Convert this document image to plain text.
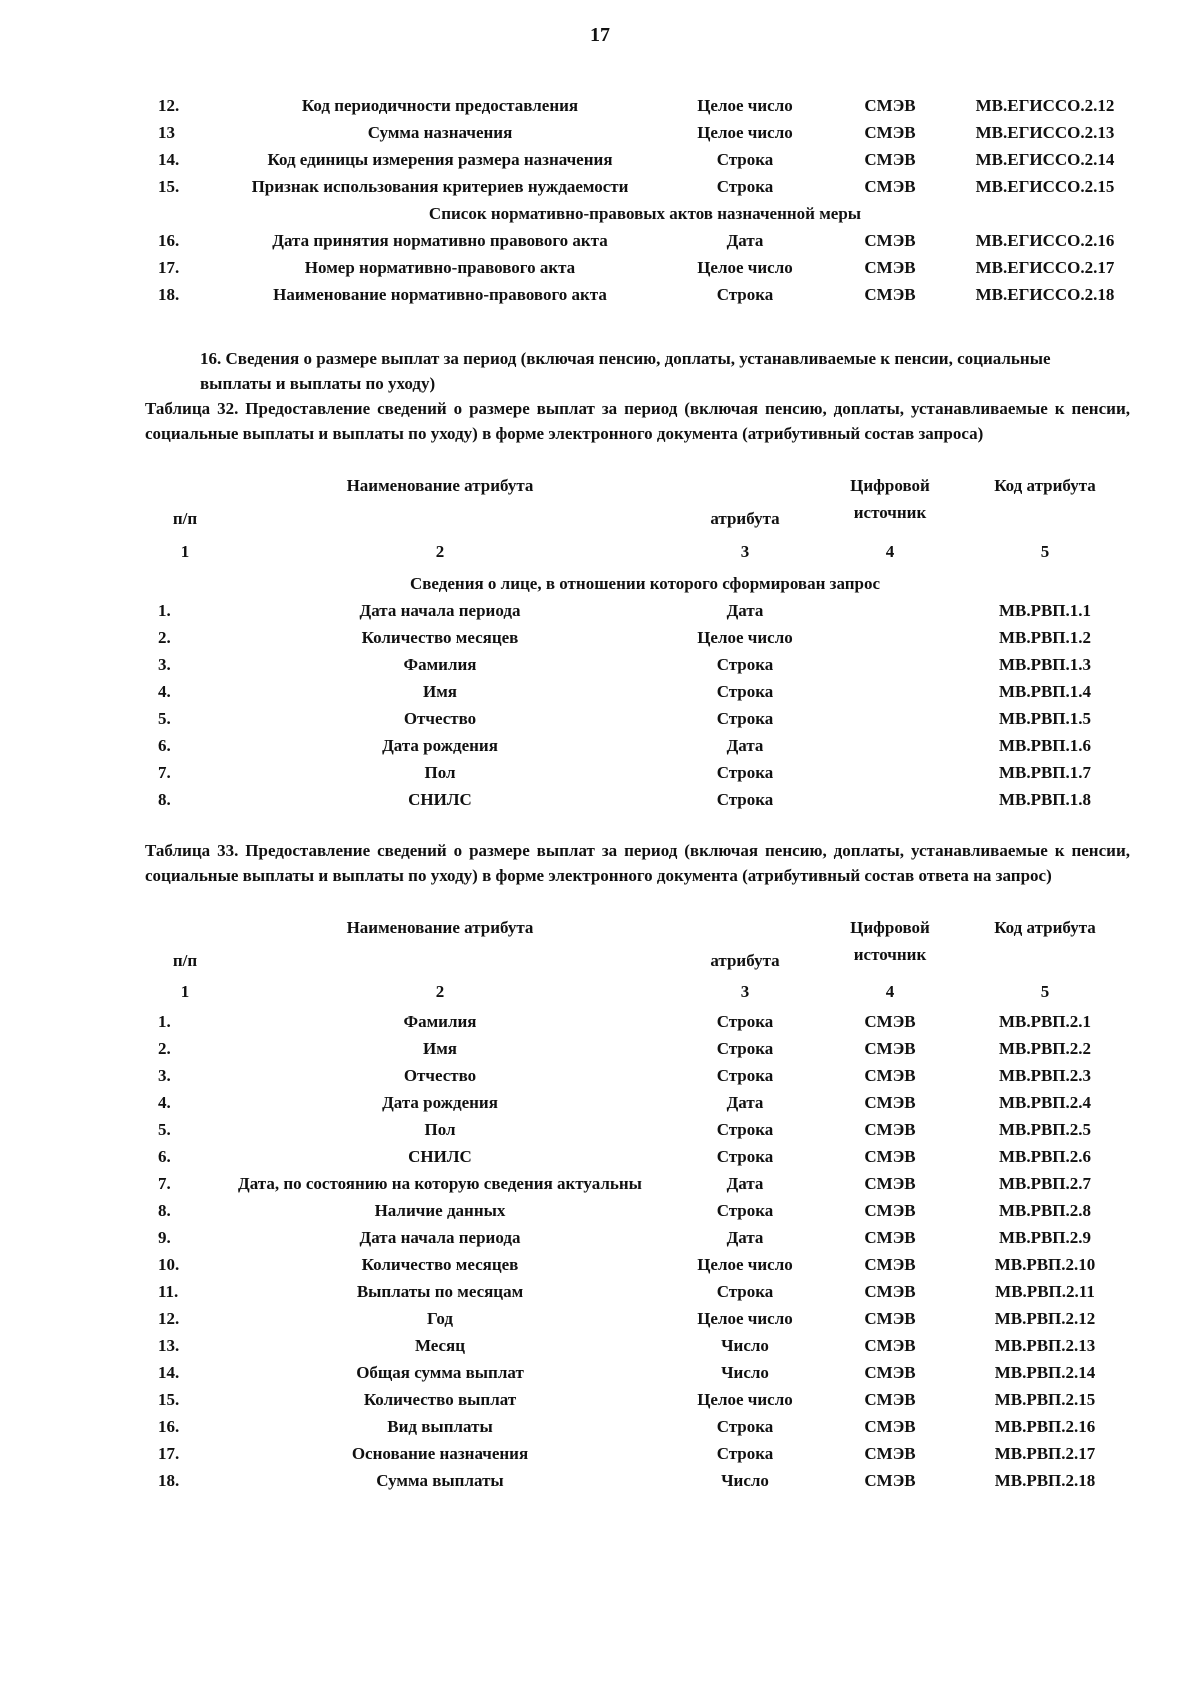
17
12.	Код периодичности предоставления	Целое число	СМЭВ	МВ.ЕГИССО.2.12
13	Сумма назначения	Целое число	СМЭВ	МВ.ЕГИССО.2.13
14.	Код единицы измерения размера назначения	Строка	СМЭВ	МВ.ЕГИССО.2.14
15.	Признак использования критериев нуждаемости	Строка	СМЭВ	МВ.ЕГИССО.2.15
Список нормативно-правовых актов назначенной меры				
16.	Дата принятия нормативно правового акта	Дата	СМЭВ	МВ.ЕГИССО.2.16
17.	Номер нормативно-правового акта	Целое число	СМЭВ	МВ.ЕГИССО.2.17
18.	Наименование нормативно-правового акта	Строка	СМЭВ	МВ.ЕГИССО.2.18
16. Сведения о размере выплат за период (включая пенсию, доплаты, устанавливаемые к пенсии, социальные выплаты и выплаты по уходу)
Таблица 32. Предоставление сведений о размере выплат за период (включая пенсию, доплаты, устанавливаемые к пенсии, социальные выплаты и выплаты по уходу) в форме электронного документа (атрибутивный состав запроса)
п/п	Наименование атрибута	атрибута	Цифровой источник	Код атрибута
1	2	3	4	5
Сведения о лице, в отношении которого сформирован запрос				
1.	Дата начала периода	Дата		МВ.РВП.1.1
2.	Количество месяцев	Целое число		МВ.РВП.1.2
3.	Фамилия	Строка		МВ.РВП.1.3
4.	Имя	Строка		МВ.РВП.1.4
5.	Отчество	Строка		МВ.РВП.1.5
6.	Дата рождения	Дата		МВ.РВП.1.6
7.	Пол	Строка		МВ.РВП.1.7
8.	СНИЛС	Строка		МВ.РВП.1.8
Таблица 33. Предоставление сведений о размере выплат за период (включая пенсию, доплаты, устанавливаемые к пенсии, социальные выплаты и выплаты по уходу) в форме электронного документа (атрибутивный состав ответа на запрос)
п/п	Наименование атрибута	атрибута	Цифровой источник	Код атрибута
1	2	3	4	5
1.	Фамилия	Строка	СМЭВ	МВ.РВП.2.1
2.	Имя	Строка	СМЭВ	МВ.РВП.2.2
3.	Отчество	Строка	СМЭВ	МВ.РВП.2.3
4.	Дата рождения	Дата	СМЭВ	МВ.РВП.2.4
5.	Пол	Строка	СМЭВ	МВ.РВП.2.5
6.	СНИЛС	Строка	СМЭВ	МВ.РВП.2.6
7.	Дата, по состоянию на которую сведения актуальны	Дата	СМЭВ	МВ.РВП.2.7
8.	Наличие данных	Строка	СМЭВ	МВ.РВП.2.8
9.	Дата начала периода	Дата	СМЭВ	МВ.РВП.2.9
10.	Количество месяцев	Целое число	СМЭВ	МВ.РВП.2.10
11.	Выплаты по месяцам	Строка	СМЭВ	МВ.РВП.2.11
12.	Год	Целое число	СМЭВ	МВ.РВП.2.12
13.	Месяц	Число	СМЭВ	МВ.РВП.2.13
14.	Общая сумма выплат	Число	СМЭВ	МВ.РВП.2.14
15.	Количество выплат	Целое число	СМЭВ	МВ.РВП.2.15
16.	Вид выплаты	Строка	СМЭВ	МВ.РВП.2.16
17.	Основание назначения	Строка	СМЭВ	МВ.РВП.2.17
18.	Сумма выплаты	Число	СМЭВ	МВ.РВП.2.18
